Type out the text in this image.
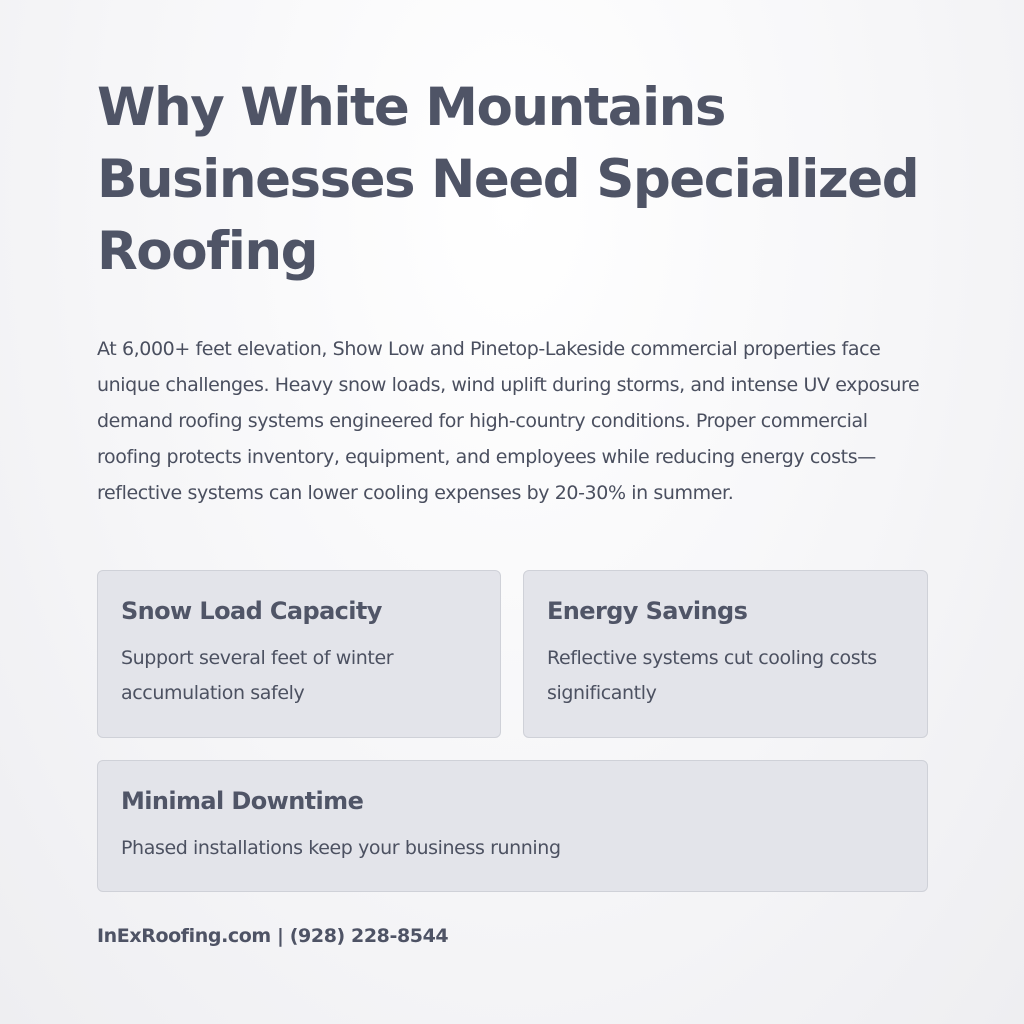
Why White Mountains Businesses Need Specialized Roofing

At 6,000+ feet elevation, Show Low and Pinetop-Lakeside commercial properties face unique challenges. Heavy snow loads, wind uplift during storms, and intense UV exposure demand roofing systems engineered for high-country conditions. Proper commercial roofing protects inventory, equipment, and employees while reducing energy costs—reflective systems can lower cooling expenses by 20-30% in summer.

Snow Load Capacity

Support several feet of winter accumulation safely

Energy Savings

Reflective systems cut cooling costs significantly

Minimal Downtime

Phased installations keep your business running

InExRoofing.com | (928) 228-8544
